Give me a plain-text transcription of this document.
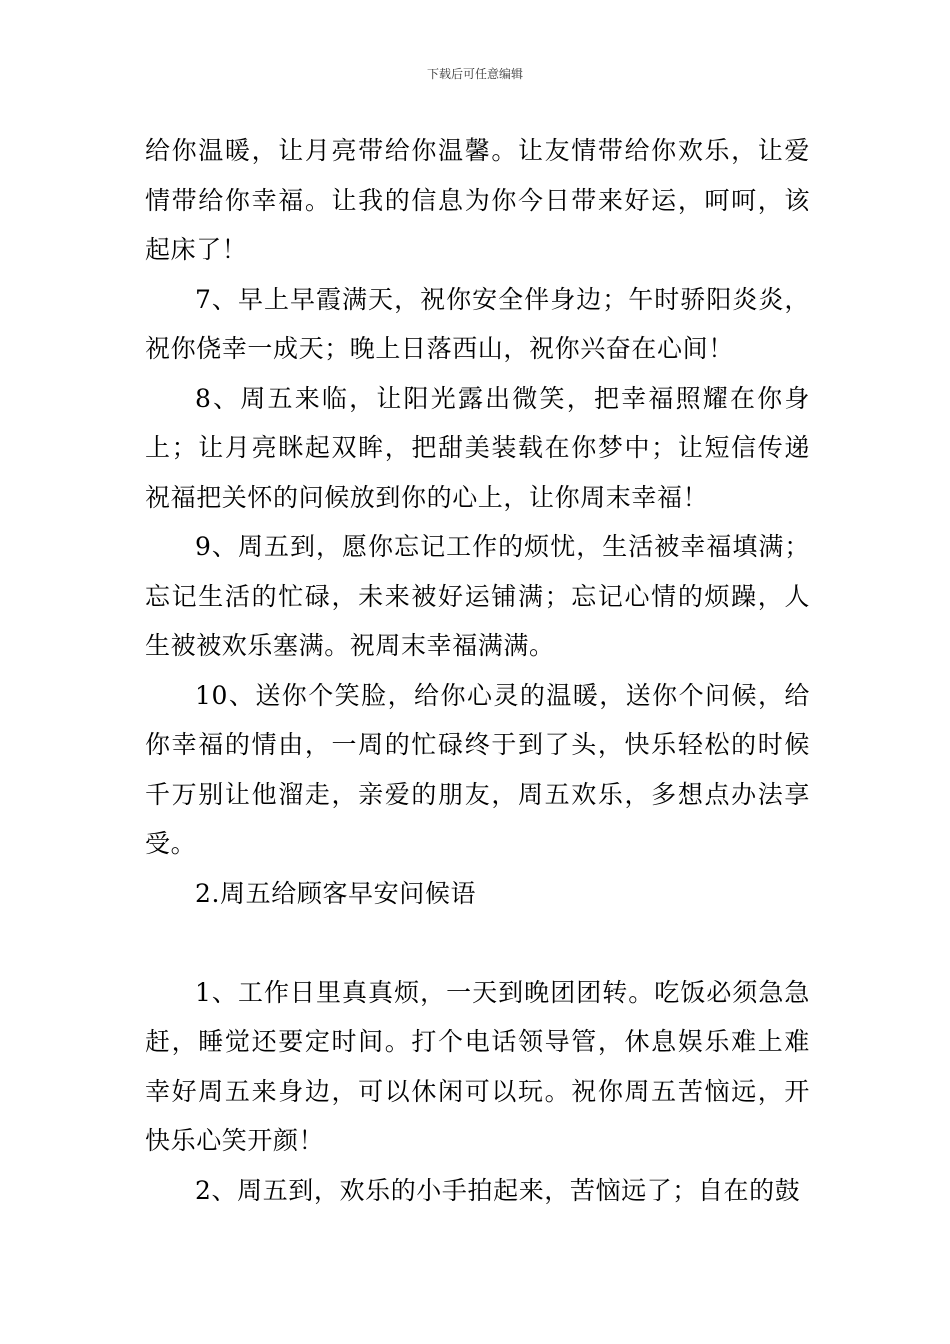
下载后可任意编辑

给你温暖，让月亮带给你温馨。让友情带给你欢乐，让爱情带给你幸福。让我的信息为你今日带来好运，呵呵，该起床了！

7、早上早霞满天，祝你安全伴身边；午时骄阳炎炎，祝你侥幸一成天；晚上日落西山，祝你兴奋在心间！

8、周五来临，让阳光露出微笑，把幸福照耀在你身上；让月亮眯起双眸，把甜美装载在你梦中；让短信传递祝福把关怀的问候放到你的心上，让你周末幸福！

9、周五到，愿你忘记工作的烦忧，生活被幸福填满；忘记生活的忙碌，未来被好运铺满；忘记心情的烦躁，人生被被欢乐塞满。祝周末幸福满满。

10、送你个笑脸，给你心灵的温暖，送你个问候，给你幸福的情由，一周的忙碌终于到了头，快乐轻松的时候千万别让他溜走，亲爱的朋友，周五欢乐，多想点办法享受。

2.周五给顾客早安问候语

1、工作日里真真烦，一天到晚团团转。吃饭必须急急赶，睡觉还要定时间。打个电话领导管，休息娱乐难上难幸好周五来身边，可以休闲可以玩。祝你周五苦恼远，开快乐心笑开颜！

2、周五到，欢乐的小手拍起来，苦恼远了；自在的鼓
